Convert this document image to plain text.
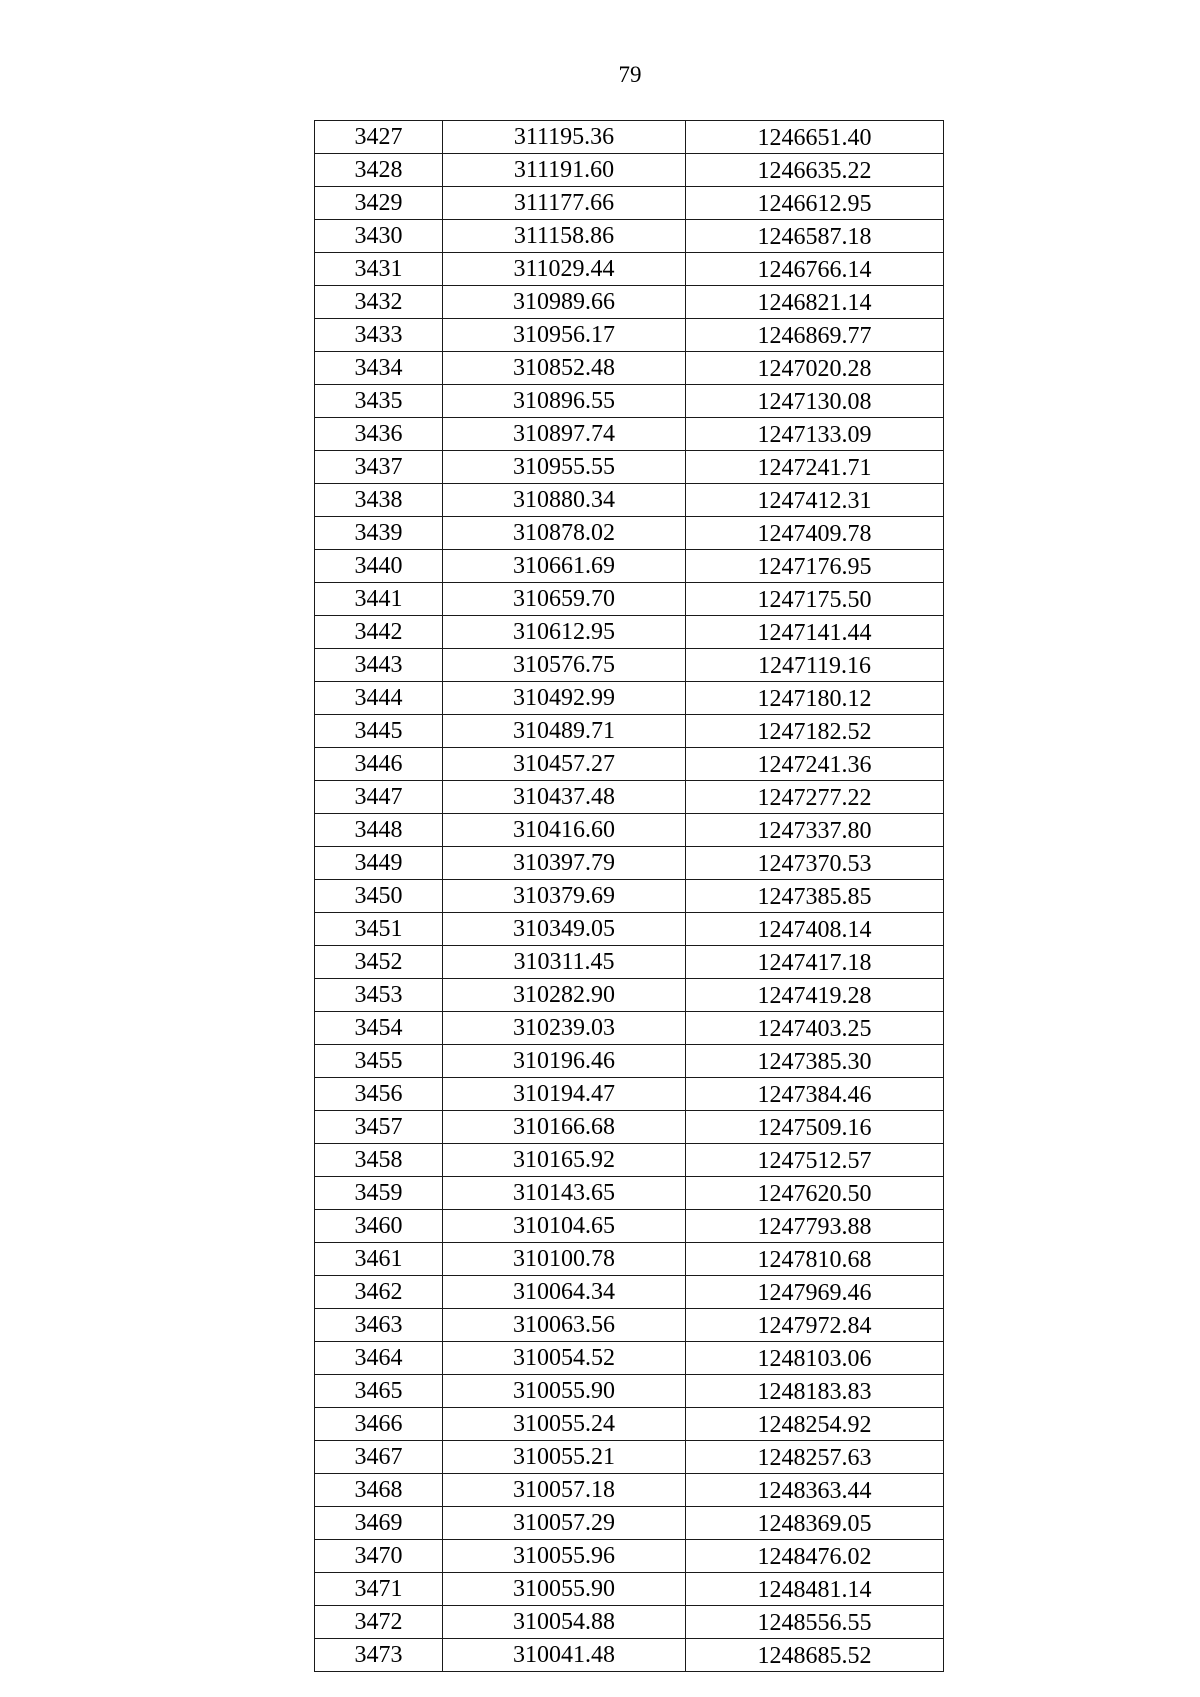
79
3427	311195.36	1246651.40
3428	311191.60	1246635.22
3429	311177.66	1246612.95
3430	311158.86	1246587.18
3431	311029.44	1246766.14
3432	310989.66	1246821.14
3433	310956.17	1246869.77
3434	310852.48	1247020.28
3435	310896.55	1247130.08
3436	310897.74	1247133.09
3437	310955.55	1247241.71
3438	310880.34	1247412.31
3439	310878.02	1247409.78
3440	310661.69	1247176.95
3441	310659.70	1247175.50
3442	310612.95	1247141.44
3443	310576.75	1247119.16
3444	310492.99	1247180.12
3445	310489.71	1247182.52
3446	310457.27	1247241.36
3447	310437.48	1247277.22
3448	310416.60	1247337.80
3449	310397.79	1247370.53
3450	310379.69	1247385.85
3451	310349.05	1247408.14
3452	310311.45	1247417.18
3453	310282.90	1247419.28
3454	310239.03	1247403.25
3455	310196.46	1247385.30
3456	310194.47	1247384.46
3457	310166.68	1247509.16
3458	310165.92	1247512.57
3459	310143.65	1247620.50
3460	310104.65	1247793.88
3461	310100.78	1247810.68
3462	310064.34	1247969.46
3463	310063.56	1247972.84
3464	310054.52	1248103.06
3465	310055.90	1248183.83
3466	310055.24	1248254.92
3467	310055.21	1248257.63
3468	310057.18	1248363.44
3469	310057.29	1248369.05
3470	310055.96	1248476.02
3471	310055.90	1248481.14
3472	310054.88	1248556.55
3473	310041.48	1248685.52
